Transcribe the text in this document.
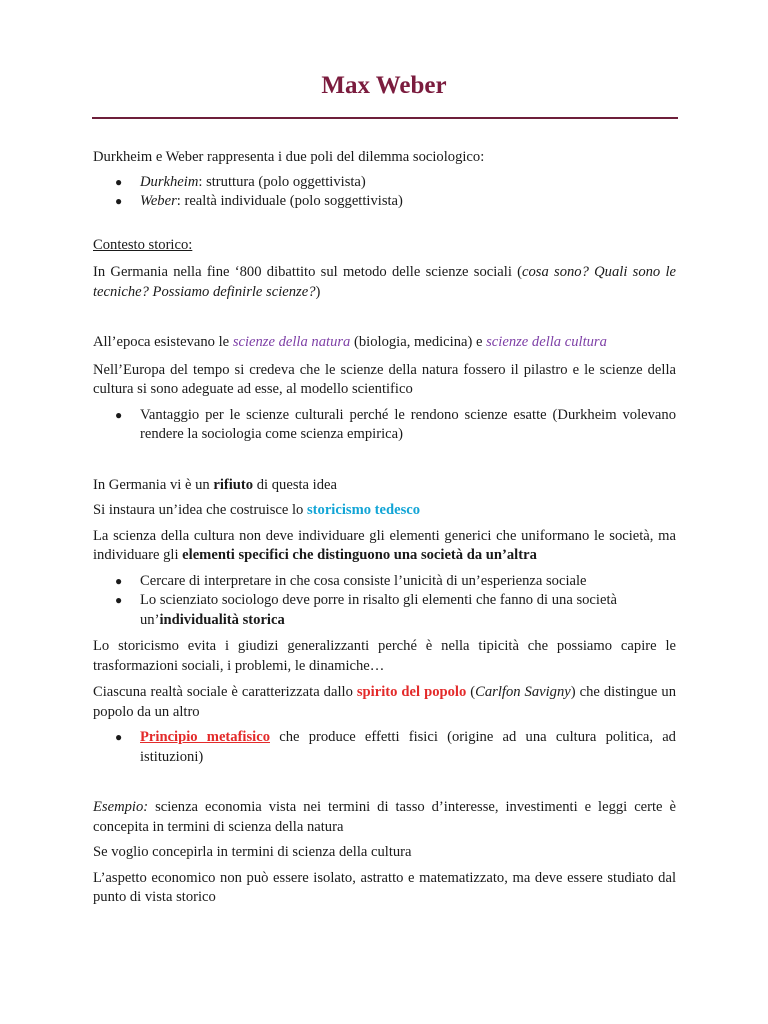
Max Weber

Durkheim e Weber rappresenta i due poli del dilemma sociologico:

● Durkheim: struttura (polo oggettivista)
● Weber: realtà individuale (polo soggettivista)

Contesto storico:

In Germania nella fine ‘800 dibattito sul metodo delle scienze sociali (cosa sono? Quali sono le tecniche? Possiamo definirle scienze?)

All’epoca esistevano le scienze della natura (biologia, medicina) e scienze della cultura

Nell’Europa del tempo si credeva che le scienze della natura fossero il pilastro e le scienze della cultura si sono adeguate ad esse, al modello scientifico

● Vantaggio per le scienze culturali perché le rendono scienze esatte (Durkheim volevano rendere la sociologia come scienza empirica)

In Germania vi è un rifiuto di questa idea

Si instaura un’idea che costruisce lo storicismo tedesco

La scienza della cultura non deve individuare gli elementi generici che uniformano le società, ma individuare gli elementi specifici che distinguono una società da un’altra

● Cercare di interpretare in che cosa consiste l’unicità di un’esperienza sociale
● Lo scienziato sociologo deve porre in risalto gli elementi che fanno di una società un’individualità storica

Lo storicismo evita i giudizi generalizzanti perché è nella tipicità che possiamo capire le trasformazioni sociali, i problemi, le dinamiche…

Ciascuna realtà sociale è caratterizzata dallo spirito del popolo (Carlfon Savigny) che distingue un popolo da un altro

● Principio metafisico che produce effetti fisici (origine ad una cultura politica, ad istituzioni)

Esempio: scienza economia vista nei termini di tasso d’interesse, investimenti e leggi certe è concepita in termini di scienza della natura

Se voglio concepirla in termini di scienza della cultura

L’aspetto economico non può essere isolato, astratto e matematizzato, ma deve essere studiato dal punto di vista storico
